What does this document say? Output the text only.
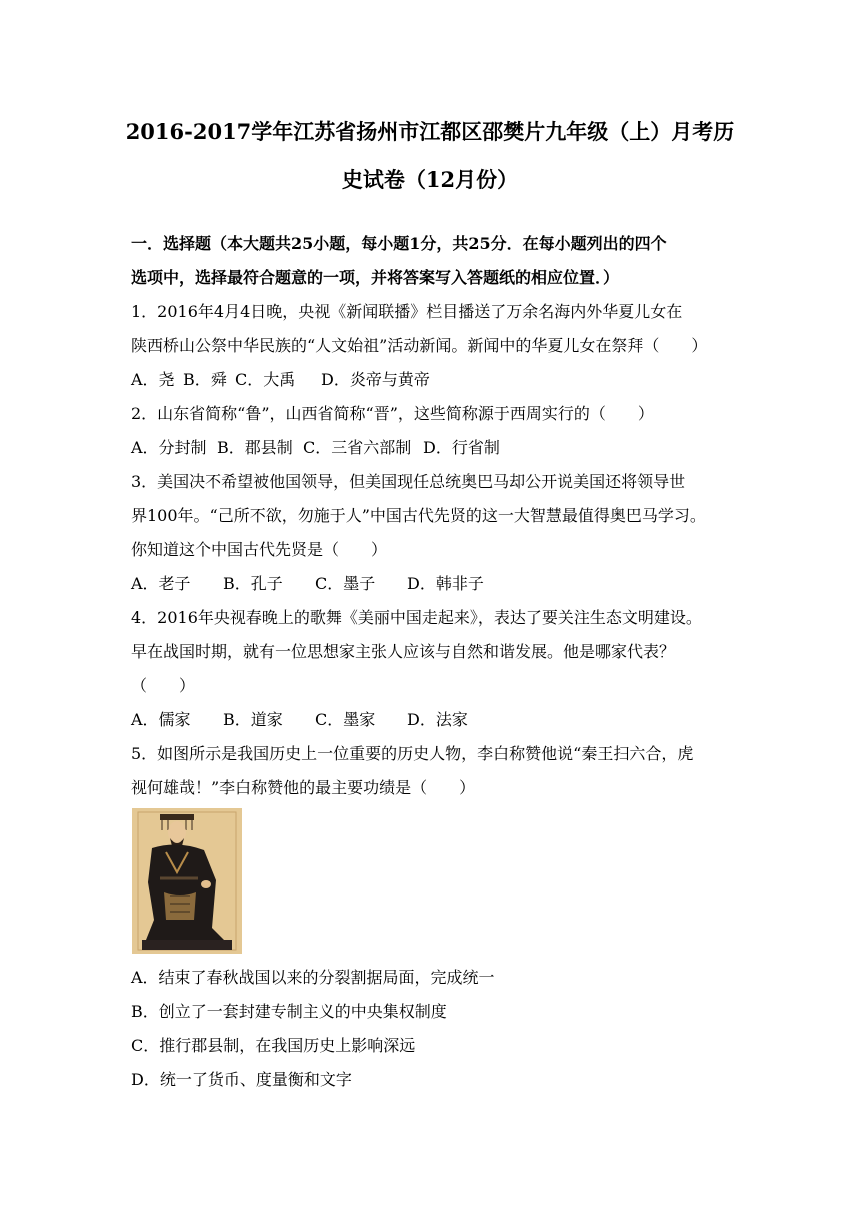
2016-2017学年江苏省扬州市江都区邵樊片九年级（上）月考历
史试卷（12月份）
一．选择题（本大题共25小题，每小题1分，共25分．在每小题列出的四个
选项中，选择最符合题意的一项，并将答案写入答题纸的相应位置．）
1．2016年4月4日晚，央视《新闻联播》栏目播送了万余名海内外华夏儿女在
陕西桥山公祭中华民族的“人文始祖”活动新闻。新闻中的华夏儿女在祭拜（　　）
A．尧 B．舜 C．大禹 D．炎帝与黄帝
2．山东省简称“鲁”，山西省简称“晋”，这些简称源于西周实行的（　　）
A．分封制 B．郡县制 C．三省六部制 D．行省制
3．美国决不希望被他国领导，但美国现任总统奥巴马却公开说美国还将领导世
界100年。“己所不欲，勿施于人”中国古代先贤的这一大智慧最值得奥巴马学习。
你知道这个中国古代先贤是（　　）
A．老子 B．孔子 C．墨子 D．韩非子
4．2016年央视春晚上的歌舞《美丽中国走起来》，表达了要关注生态文明建设。
早在战国时期，就有一位思想家主张人应该与自然和谐发展。他是哪家代表？
（　　）
A．儒家 B．道家 C．墨家 D．法家
5．如图所示是我国历史上一位重要的历史人物，李白称赞他说“秦王扫六合，虎
视何雄哉！”李白称赞他的最主要功绩是（　　）
A．结束了春秋战国以来的分裂割据局面，完成统一
B．创立了一套封建专制主义的中央集权制度
C．推行郡县制，在我国历史上影响深远
D．统一了货币、度量衡和文字
